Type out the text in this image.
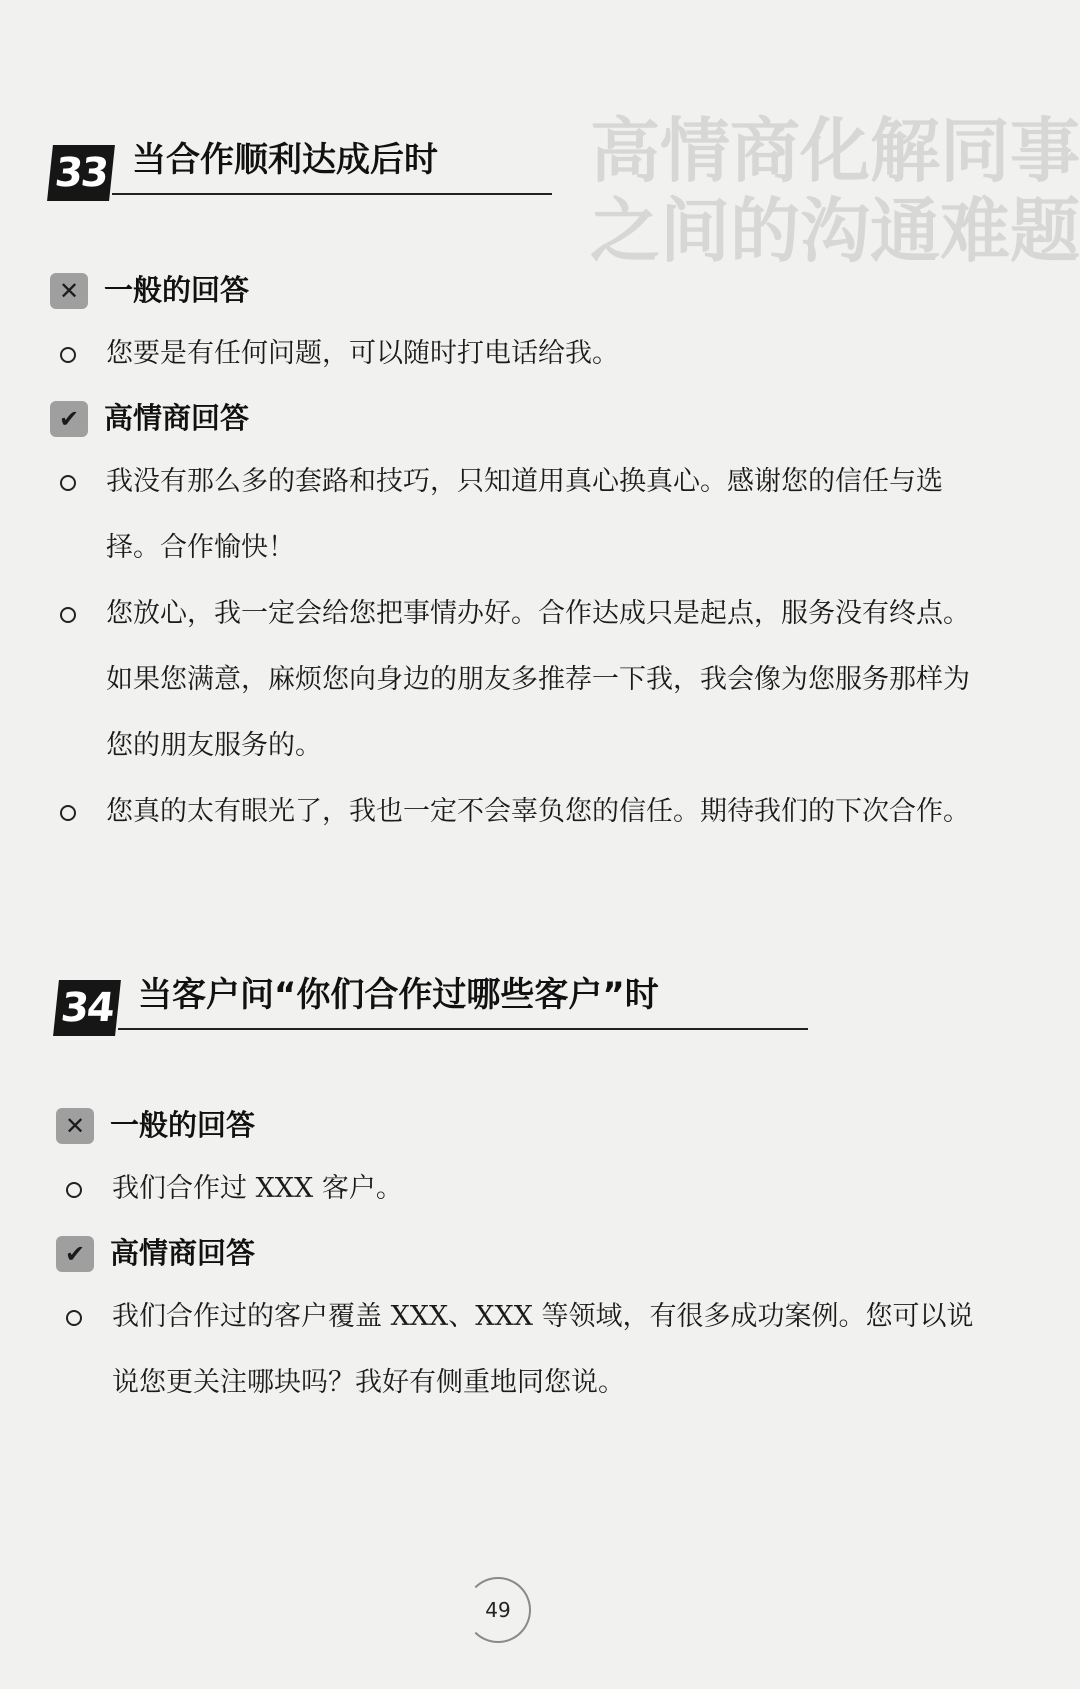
高情商化解同事
之间的沟通难题
33 当合作顺利达成后时
✕ 一般的回答
您要是有任何问题，可以随时打电话给我。
✔ 高情商回答
我没有那么多的套路和技巧，只知道用真心换真心。感谢您的信任与选择。合作愉快！
您放心，我一定会给您把事情办好。合作达成只是起点，服务没有终点。如果您满意，麻烦您向身边的朋友多推荐一下我，我会像为您服务那样为您的朋友服务的。
您真的太有眼光了，我也一定不会辜负您的信任。期待我们的下次合作。
34 当客户问“你们合作过哪些客户”时
✕ 一般的回答
我们合作过 XXX 客户。
✔ 高情商回答
我们合作过的客户覆盖 XXX、XXX 等领域，有很多成功案例。您可以说说您更关注哪块吗？我好有侧重地同您说。
49
